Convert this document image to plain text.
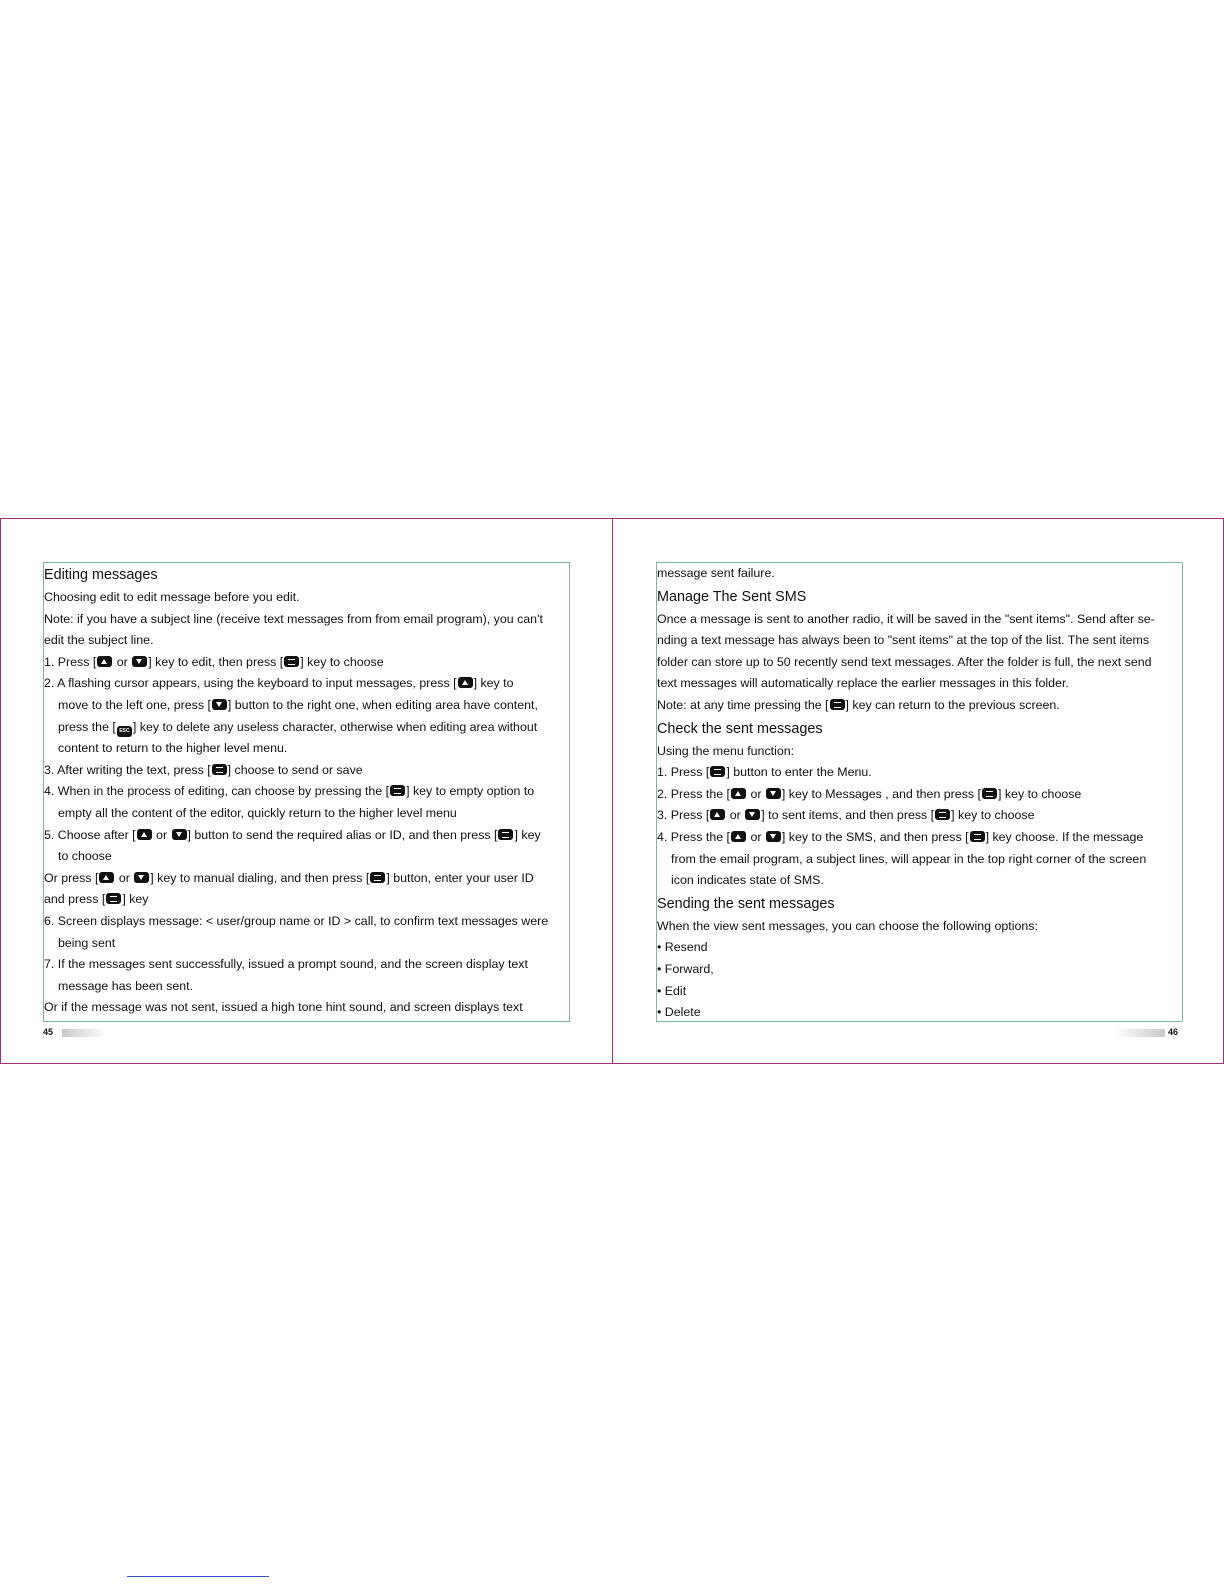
Editing messages
Choosing edit to edit message before you edit.
Note: if you have a subject line (receive text messages from from email program), you can't
edit the subject line.
1. Press [ or ] key to edit, then press [ ] key to choose
2. A flashing cursor appears, using the keyboard to input messages, press [ ] key to
move to the left one, press [ ] button to the right one, when editing area have content,
press the [ ESC ] key to delete any useless character, otherwise when editing area without
content to return to the higher level menu.
3. After writing the text, press [ ] choose to send or save
4. When in the process of editing, can choose by pressing the [ ] key to empty option to
empty all the content of the editor, quickly return to the higher level menu
5. Choose after [ or ] button to send the required alias or ID, and then press [ ] key
to choose
Or press [ or ] key to manual dialing, and then press [ ] button, enter your user ID
and press [ ] key
6. Screen displays message: < user/group name or ID > call, to confirm text messages were
being sent
7. If the messages sent successfully, issued a prompt sound, and the screen display text
message has been sent.
Or if the message was not sent, issued a high tone hint sound, and screen displays text
45
message sent failure.
Manage The Sent SMS
Once a message is sent to another radio, it will be saved in the "sent items". Send after se-
nding a text message has always been to "sent items" at the top of the list. The sent items
folder can store up to 50 recently send text messages. After the folder is full, the next send
text messages will automatically replace the earlier messages in this folder.
Note: at any time pressing the [ ] key can return to the previous screen.
Check the sent messages
Using the menu function:
1. Press [ ] button to enter the Menu.
2. Press the [ or ] key to Messages , and then press [ ] key to choose
3. Press [ or ] to sent items, and then press [ ] key to choose
4. Press the [ or ] key to the SMS, and then press [ ] key choose. If the message
from the email program, a subject lines, will appear in the top right corner of the screen
icon indicates state of SMS.
Sending the sent messages
When the view sent messages, you can choose the following options:
• Resend
• Forward,
• Edit
• Delete
46
